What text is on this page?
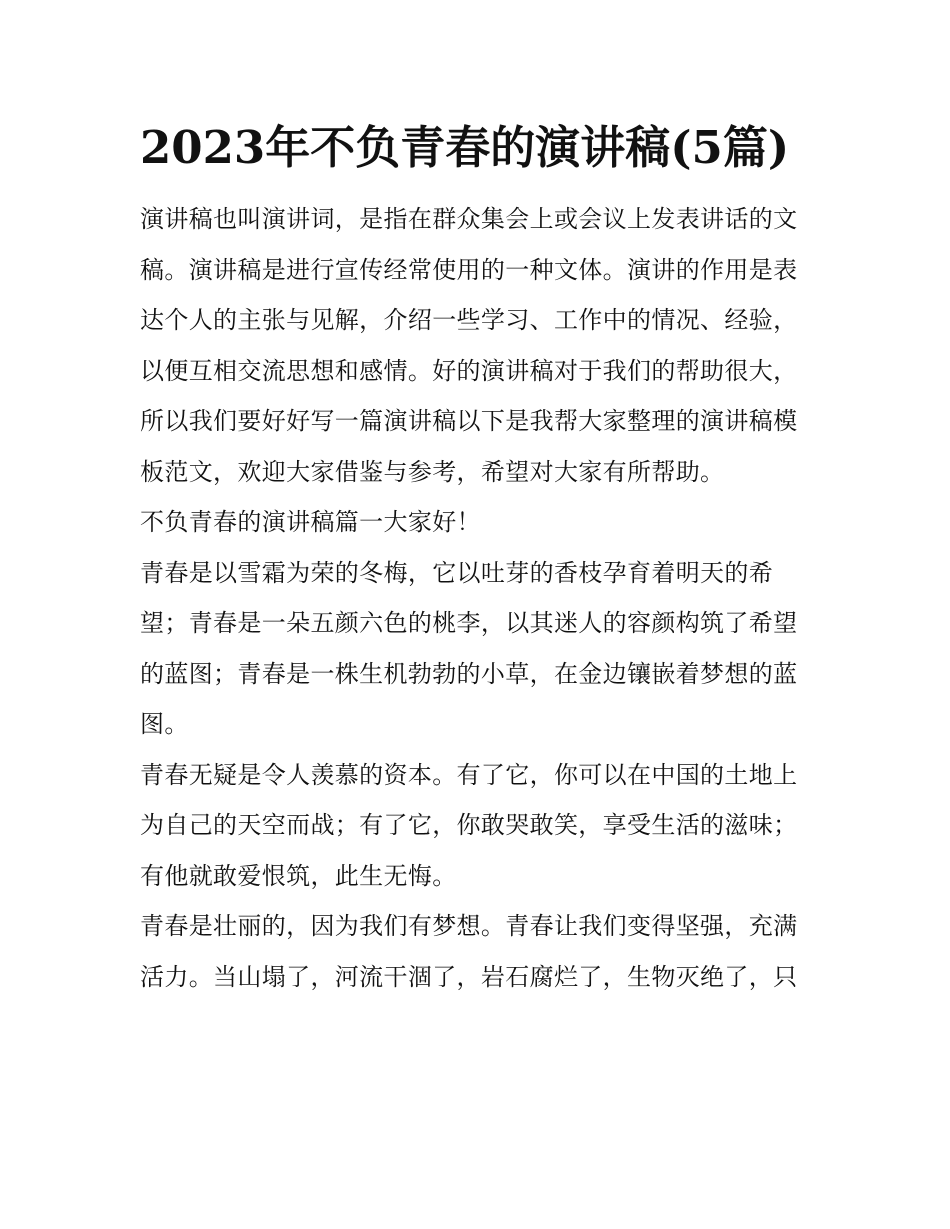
2023年不负青春的演讲稿(5篇)

演讲稿也叫演讲词，是指在群众集会上或会议上发表讲话的文稿。演讲稿是进行宣传经常使用的一种文体。演讲的作用是表达个人的主张与见解，介绍一些学习、工作中的情况、经验，以便互相交流思想和感情。好的演讲稿对于我们的帮助很大，所以我们要好好写一篇演讲稿以下是我帮大家整理的演讲稿模板范文，欢迎大家借鉴与参考，希望对大家有所帮助。

不负青春的演讲稿篇一大家好！

青春是以雪霜为荣的冬梅，它以吐芽的香枝孕育着明天的希望；青春是一朵五颜六色的桃李，以其迷人的容颜构筑了希望的蓝图；青春是一株生机勃勃的小草，在金边镶嵌着梦想的蓝图。

青春无疑是令人羡慕的资本。有了它，你可以在中国的土地上为自己的天空而战；有了它，你敢哭敢笑，享受生活的滋味；有他就敢爱恨筑，此生无悔。

青春是壮丽的，因为我们有梦想。青春让我们变得坚强，充满活力。当山塌了，河流干涸了，岩石腐烂了，生物灭绝了，只
